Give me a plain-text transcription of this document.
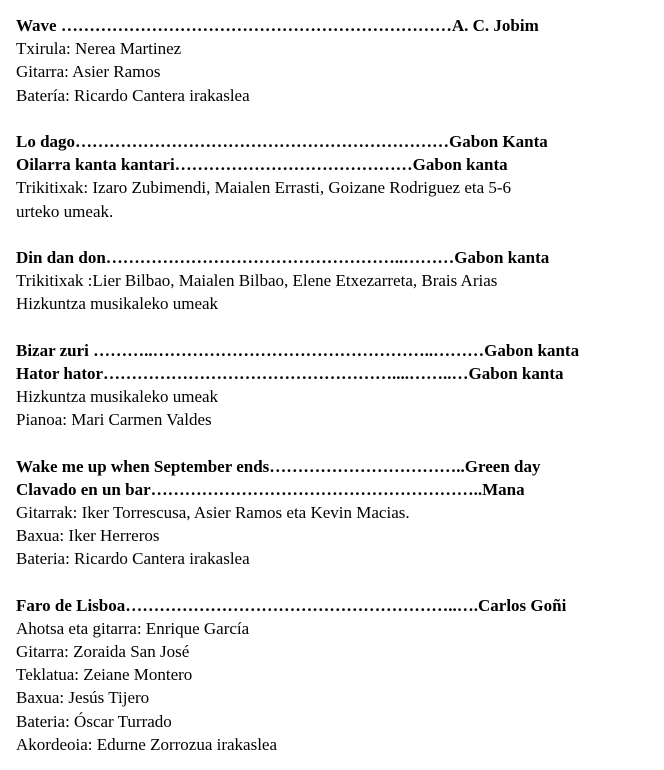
Wave ……………………………………………………………A. C. Jobim
Txirula: Nerea Martinez
Gitarra: Asier Ramos
Batería: Ricardo Cantera irakaslea
Lo dago…………………………………………………………Gabon Kanta
Oilarra kanta kantari……………………………………Gabon kanta
Trikitixak: Izaro Zubimendi, Maialen Errasti, Goizane Rodriguez eta 5-6
urteko umeak.
Din dan don……………………………………………..………Gabon kanta
Trikitixak :Lier Bilbao, Maialen Bilbao, Elene Etxezarreta, Brais Arias
Hizkuntza musikaleko umeak
Bizar zuri ………..…………………………………………..………Gabon kanta
Hator hator……………………………………………....……..…Gabon kanta
Hizkuntza musikaleko umeak
Pianoa: Mari Carmen Valdes
Wake me up when September ends……………………………..Green day
Clavado en un bar…………………………………………………..Mana
Gitarrak: Iker Torrescusa, Asier Ramos eta Kevin Macias.
Baxua: Iker Herreros
Bateria: Ricardo Cantera irakaslea
Faro de Lisboa…………………………………………………..….Carlos Goñi
Ahotsa eta gitarra: Enrique García
Gitarra: Zoraida San José
Teklatua: Zeiane Montero
Baxua: Jesús Tijero
Bateria: Óscar Turrado
Akordeoia: Edurne Zorrozua irakaslea
